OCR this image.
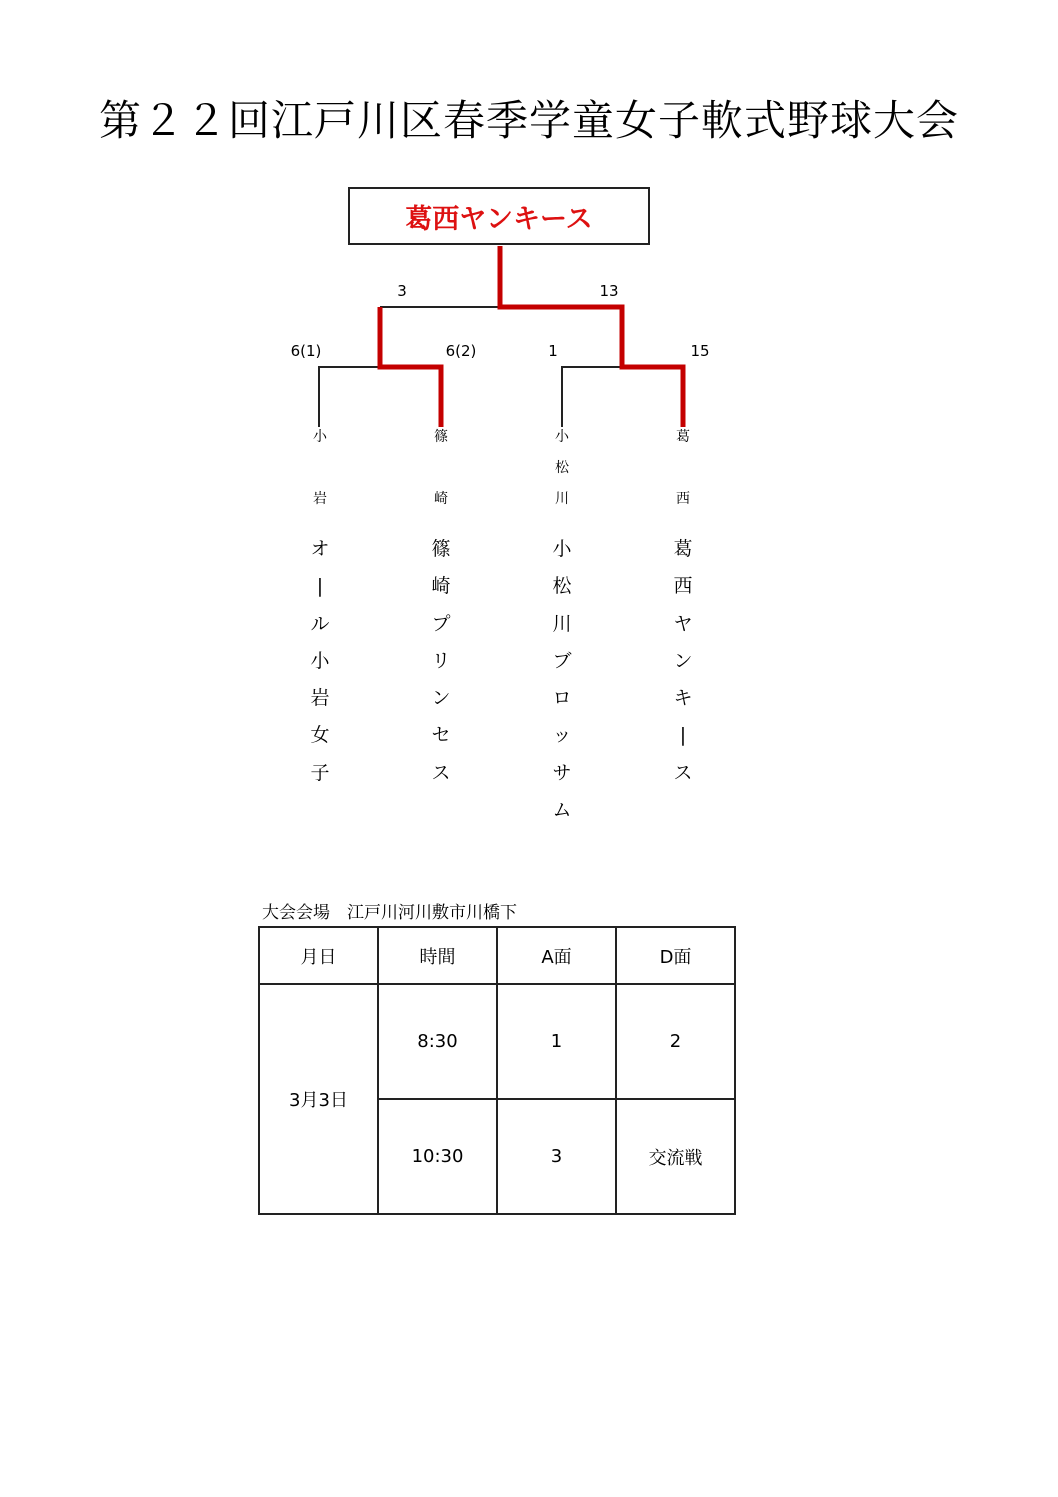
第２２回江戸川区春季学童女子軟式野球大会
葛西ヤンキース
3	13
6(1)	6(2)	1	15
小
岩
オ
|
ル
小
岩
女
子
篠
崎
篠
崎
プ
リ
ン
セ
ス
小
松
川
小
松
川
ブ
ロ
ッ
サ
ム
葛
西
葛
西
ヤ
ン
キ
|
ス
大会会場　江戸川河川敷市川橋下
月日	時間	A面	D面
3月3日	8:30	1	2
	10:30	3	交流戦
